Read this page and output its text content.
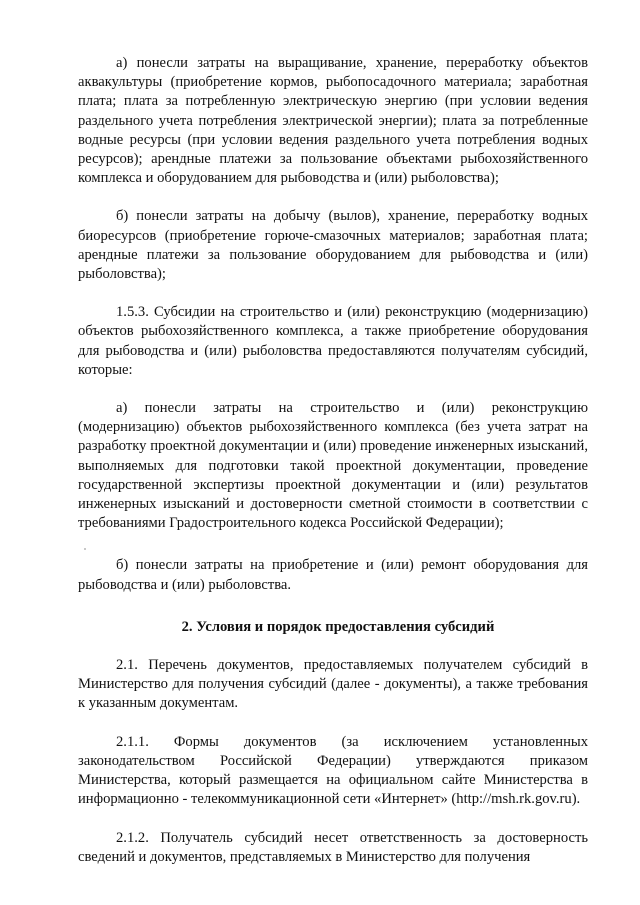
а) понесли затраты на выращивание, хранение, переработку объектов аквакультуры (приобретение кормов, рыбопосадочного материала; заработная плата; плата за потребленную электрическую энергию (при условии ведения раздельного учета потребления электрической энергии); плата за потребленные водные ресурсы (при условии ведения раздельного учета потребления водных ресурсов); арендные платежи за пользование объектами рыбохозяйственного комплекса и оборудованием для рыбоводства и (или) рыболовства);

б) понесли затраты на добычу (вылов), хранение, переработку водных биоресурсов (приобретение горюче-смазочных материалов; заработная плата; арендные платежи за пользование оборудованием для рыбоводства и (или) рыболовства);

1.5.3. Субсидии на строительство и (или) реконструкцию (модернизацию) объектов рыбохозяйственного комплекса, а также приобретение оборудования для рыбоводства и (или) рыболовства предоставляются получателям субсидий, которые:

а) понесли затраты на строительство и (или) реконструкцию (модернизацию) объектов рыбохозяйственного комплекса (без учета затрат на разработку проектной документации и (или) проведение инженерных изысканий, выполняемых для подготовки такой проектной документации, проведение государственной экспертизы проектной документации и (или) результатов инженерных изысканий и достоверности сметной стоимости в соответствии с требованиями Градостроительного кодекса Российской Федерации);

б) понесли затраты на приобретение и (или) ремонт оборудования для рыбоводства и (или) рыболовства.

2. Условия и порядок предоставления субсидий

2.1. Перечень документов, предоставляемых получателем субсидий в Министерство для получения субсидий (далее - документы), а также требования к указанным документам.

2.1.1. Формы документов (за исключением установленных законодательством Российской Федерации) утверждаются приказом Министерства, который размещается на официальном сайте Министерства в информационно - телекоммуникационной сети «Интернет» (http://msh.rk.gov.ru).

2.1.2. Получатель субсидий несет ответственность за достоверность сведений и документов, представляемых в Министерство для получения
